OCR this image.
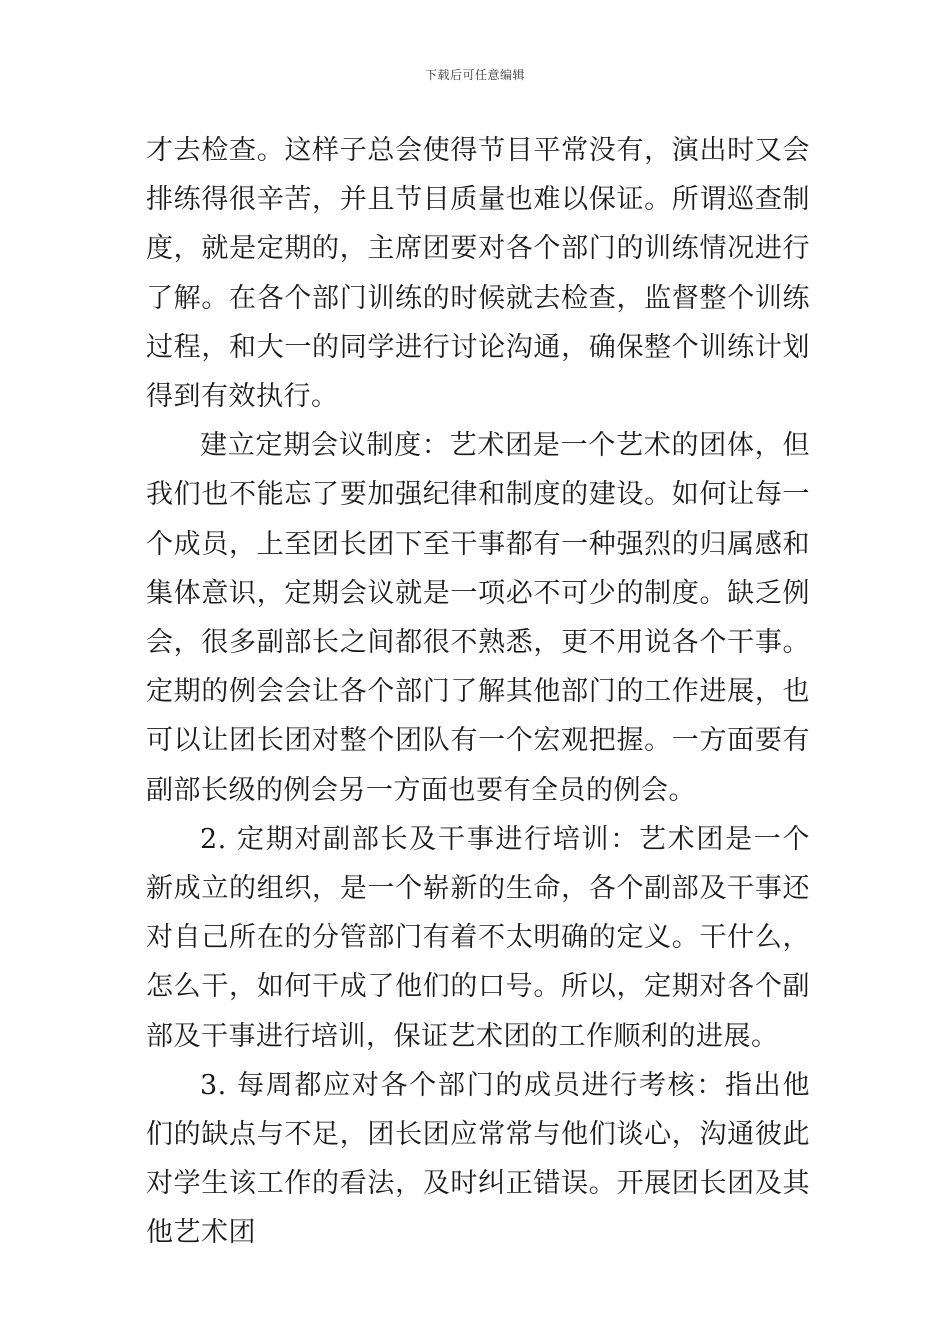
下载后可任意编辑

才去检查。这样子总会使得节目平常没有，演出时又会排练得很辛苦，并且节目质量也难以保证。所谓巡查制度，就是定期的，主席团要对各个部门的训练情况进行了解。在各个部门训练的时候就去检查，监督整个训练过程，和大一的同学进行讨论沟通，确保整个训练计划得到有效执行。

建立定期会议制度：艺术团是一个艺术的团体，但我们也不能忘了要加强纪律和制度的建设。如何让每一个成员，上至团长团下至干事都有一种强烈的归属感和集体意识，定期会议就是一项必不可少的制度。缺乏例会，很多副部长之间都很不熟悉，更不用说各个干事。定期的例会会让各个部门了解其他部门的工作进展，也可以让团长团对整个团队有一个宏观把握。一方面要有副部长级的例会另一方面也要有全员的例会。

2. 定期对副部长及干事进行培训：艺术团是一个新成立的组织，是一个崭新的生命，各个副部及干事还对自己所在的分管部门有着不太明确的定义。干什么，怎么干，如何干成了他们的口号。所以，定期对各个副部及干事进行培训，保证艺术团的工作顺利的进展。

3. 每周都应对各个部门的成员进行考核：指出他们的缺点与不足，团长团应常常与他们谈心，沟通彼此对学生该工作的看法，及时纠正错误。开展团长团及其他艺术团
